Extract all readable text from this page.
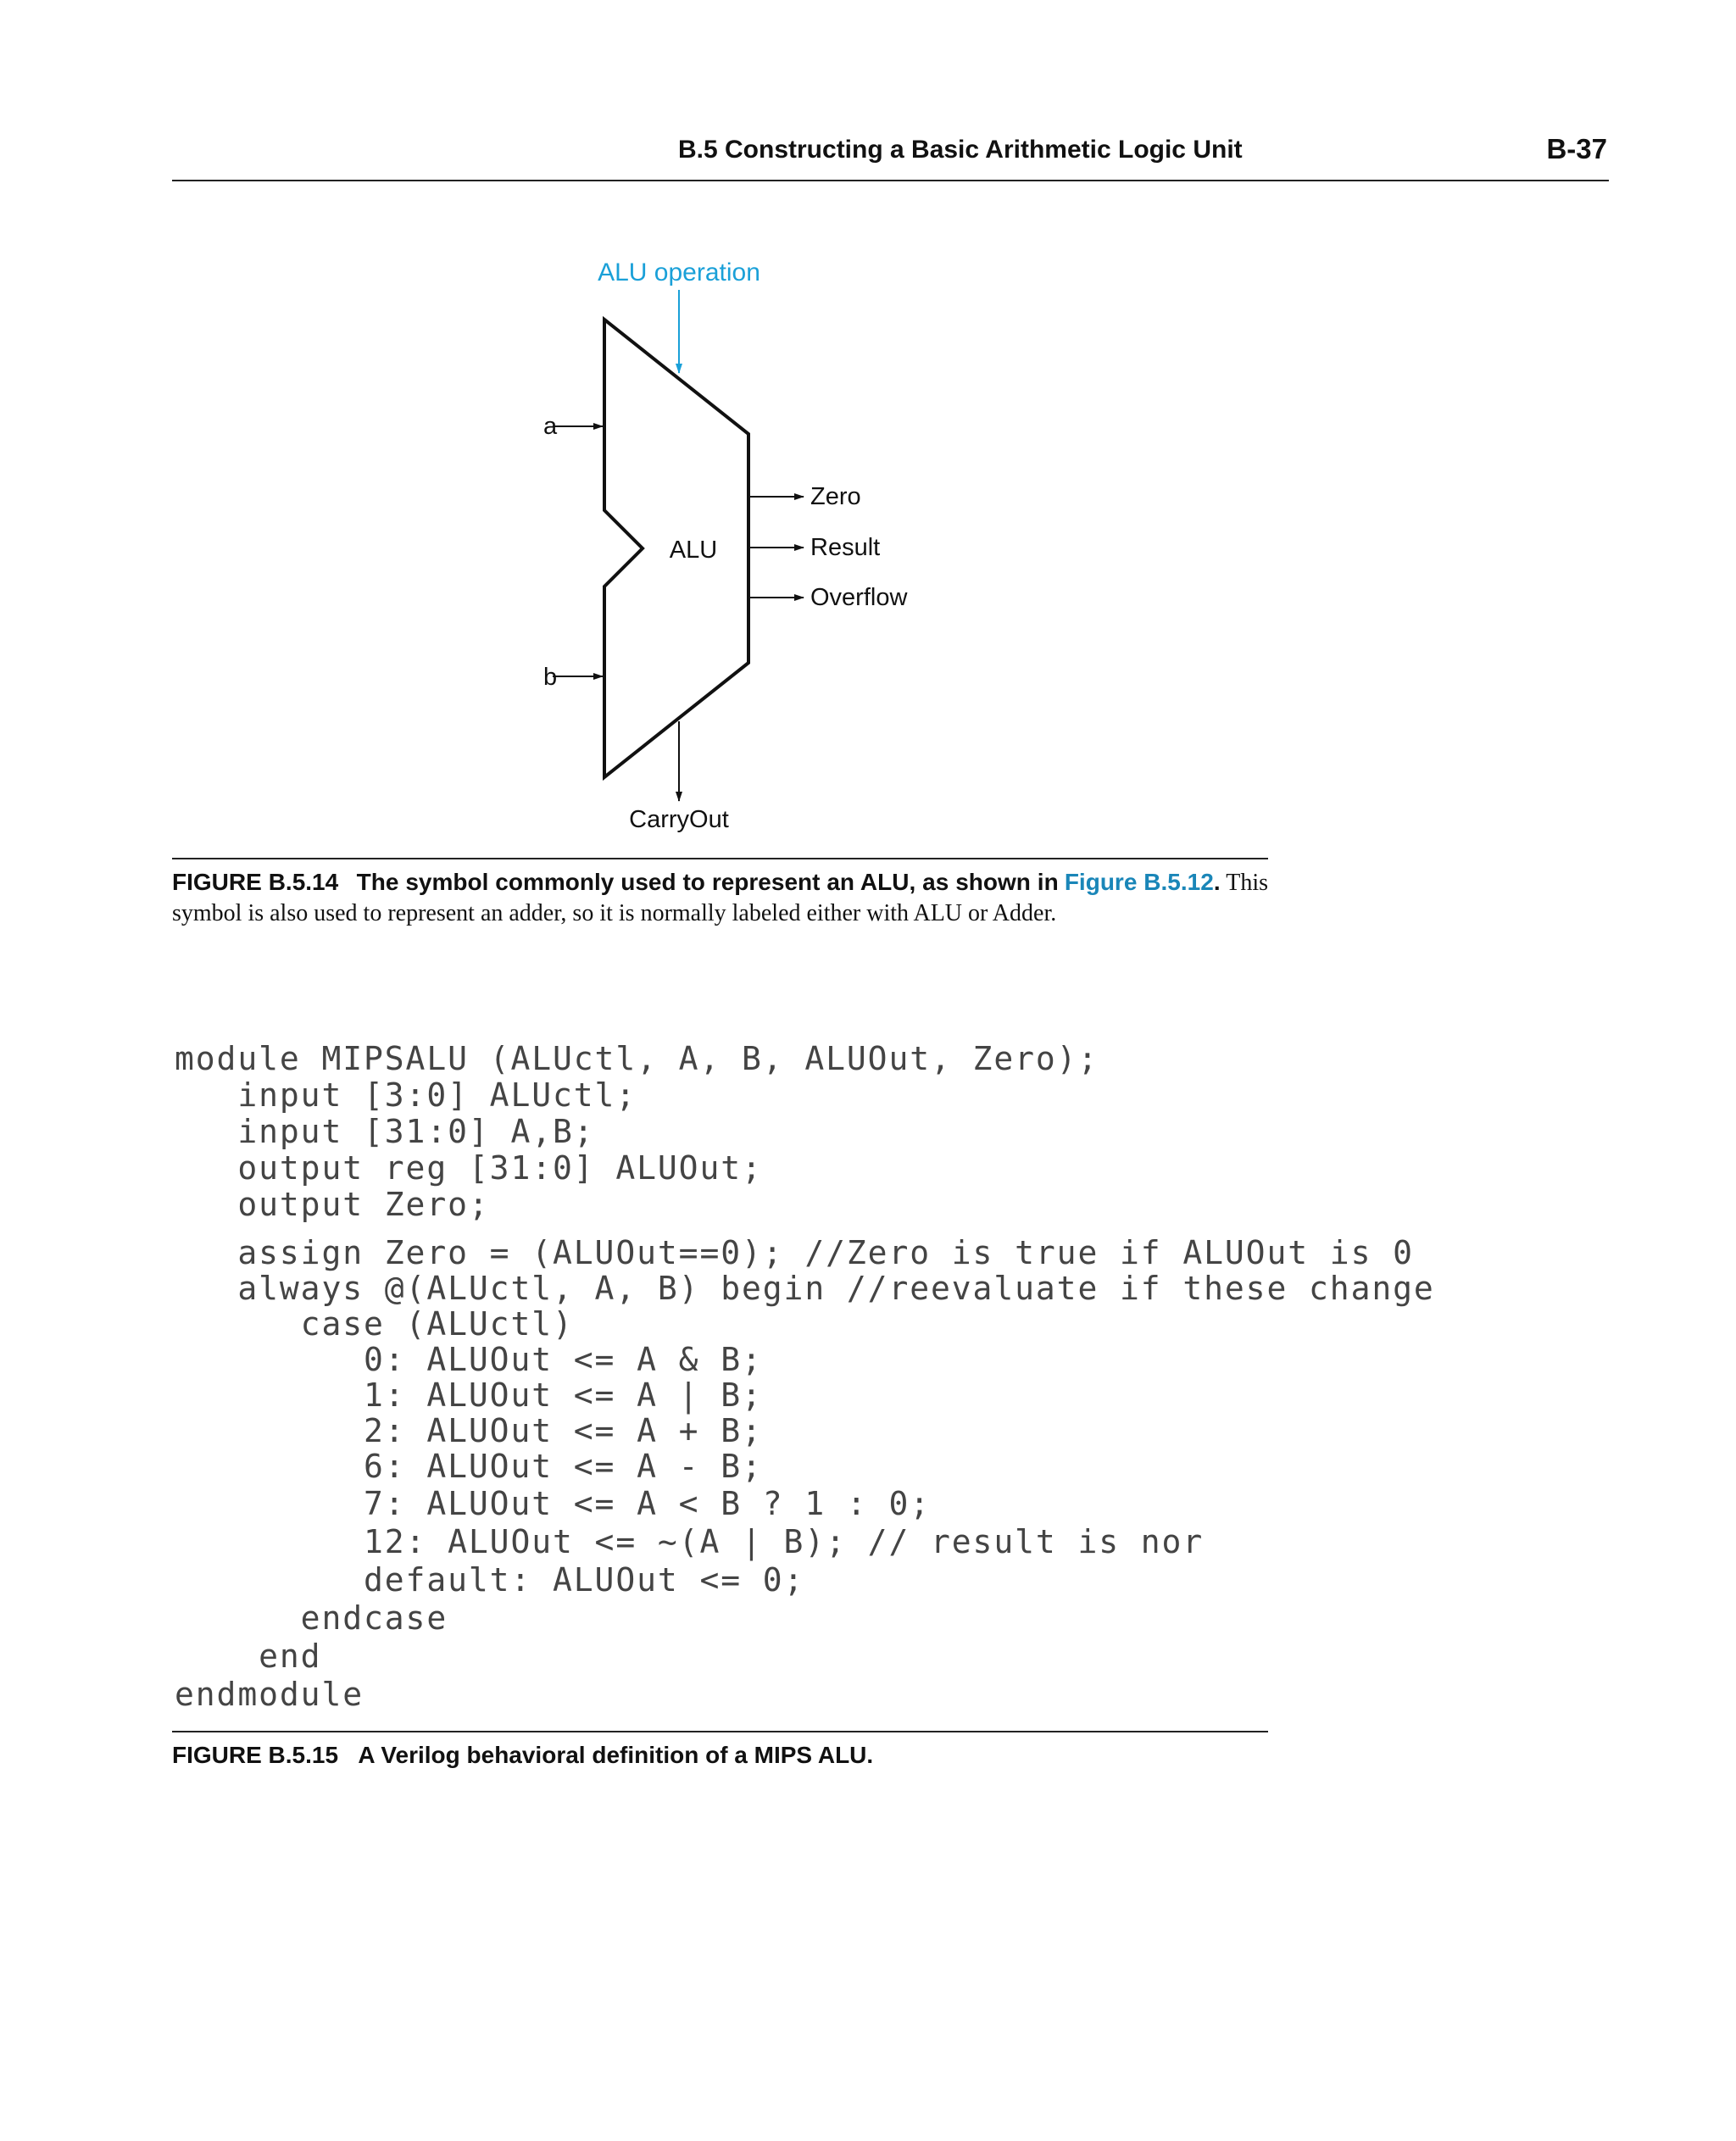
B.5 Constructing a Basic Arithmetic Logic Unit	B-37
ALU operation
a
b
ALU
Zero
Result
Overflow
CarryOut
FIGURE B.5.14 The symbol commonly used to represent an ALU, as shown in Figure B.5.12. This symbol is also used to represent an adder, so it is normally labeled either with ALU or Adder.
module MIPSALU (ALUctl, A, B, ALUOut, Zero);
input [3:0] ALUctl;
input [31:0] A,B;
output reg [31:0] ALUOut;
output Zero;
assign Zero = (ALUOut==0); //Zero is true if ALUOut is 0
always @(ALUctl, A, B) begin //reevaluate if these change
case (ALUctl)
0: ALUOut <= A & B;
1: ALUOut <= A | B;
2: ALUOut <= A + B;
6: ALUOut <= A - B;
7: ALUOut <= A < B ? 1 : 0;
12: ALUOut <= ~(A | B); // result is nor
default: ALUOut <= 0;
endcase
end
endmodule
FIGURE B.5.15 A Verilog behavioral definition of a MIPS ALU.
